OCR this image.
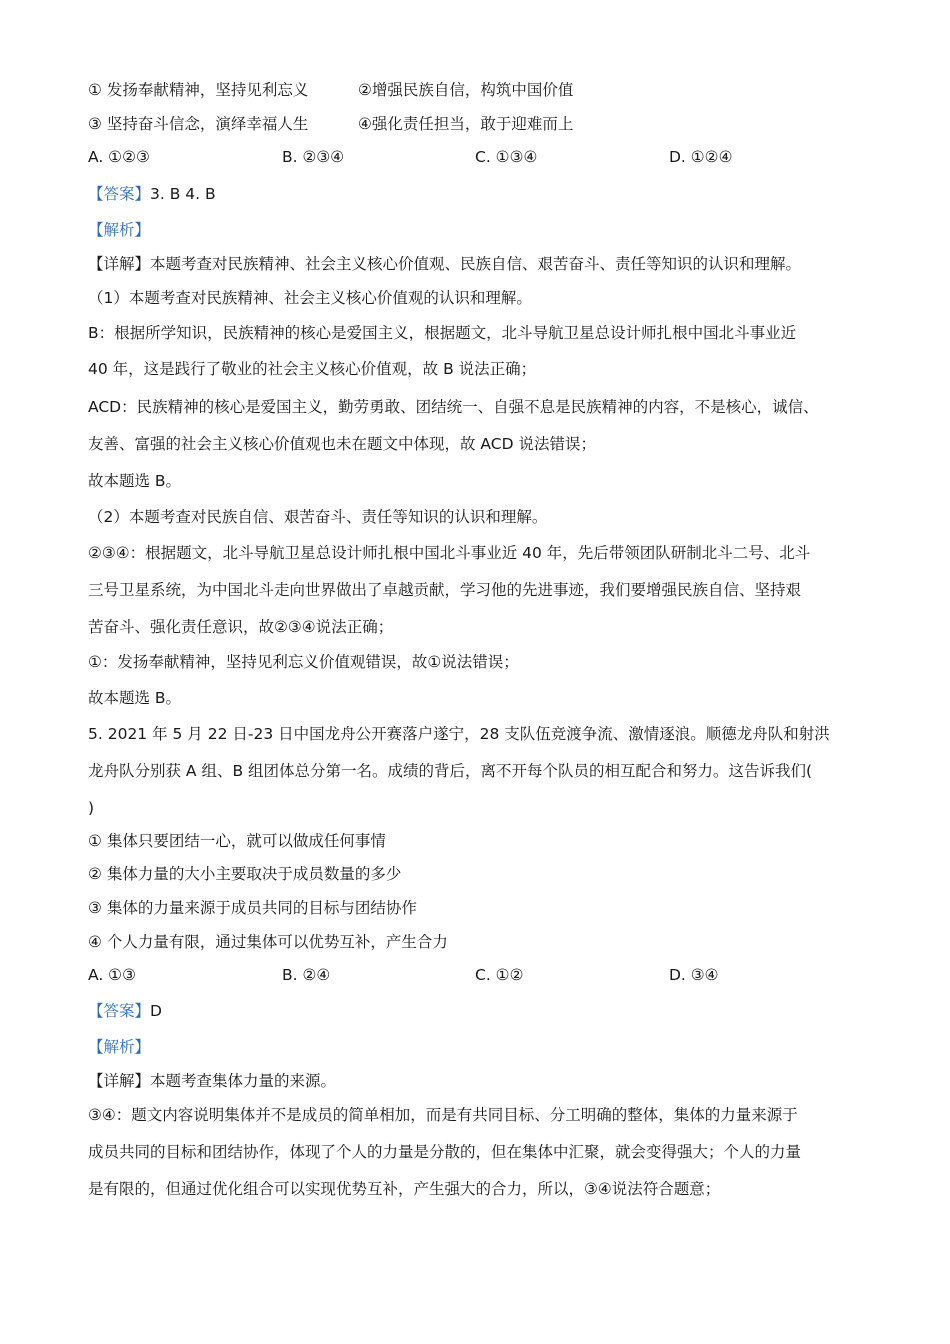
① 发扬奉献精神，坚持见利忘义	②增强民族自信，构筑中国价值
③ 坚持奋斗信念，演绎幸福人生	④强化责任担当，敢于迎难而上
A. ①②③	B. ②③④	C. ①③④	D. ①②④
【答案】3. B 4. B
【解析】
【详解】本题考查对民族精神、社会主义核心价值观、民族自信、艰苦奋斗、责任等知识的认识和理解。
（1）本题考查对民族精神、社会主义核心价值观的认识和理解。
B：根据所学知识，民族精神的核心是爱国主义，根据题文，北斗导航卫星总设计师扎根中国北斗事业近
40 年，这是践行了敬业的社会主义核心价值观，故 B 说法正确；
ACD：民族精神的核心是爱国主义，勤劳勇敢、团结统一、自强不息是民族精神的内容，不是核心，诚信、
友善、富强的社会主义核心价值观也未在题文中体现，故 ACD 说法错误；
故本题选 B。
（2）本题考查对民族自信、艰苦奋斗、责任等知识的认识和理解。
②③④：根据题文，北斗导航卫星总设计师扎根中国北斗事业近 40 年，先后带领团队研制北斗二号、北斗
三号卫星系统，为中国北斗走向世界做出了卓越贡献，学习他的先进事迹，我们要增强民族自信、坚持艰
苦奋斗、强化责任意识，故②③④说法正确；
①：发扬奉献精神，坚持见利忘义价值观错误，故①说法错误；
故本题选 B。
5. 2021 年 5 月 22 日-23 日中国龙舟公开赛落户遂宁，28 支队伍竞渡争流、激情逐浪。顺德龙舟队和射洪
龙舟队分别获 A 组、B 组团体总分第一名。成绩的背后，离不开每个队员的相互配合和努力。这告诉我们(
)
① 集体只要团结一心，就可以做成任何事情
② 集体力量的大小主要取决于成员数量的多少
③ 集体的力量来源于成员共同的目标与团结协作
④ 个人力量有限，通过集体可以优势互补，产生合力
A. ①③	B. ②④	C. ①②	D. ③④
【答案】D
【解析】
【详解】本题考查集体力量的来源。
③④：题文内容说明集体并不是成员的简单相加，而是有共同目标、分工明确的整体，集体的力量来源于
成员共同的目标和团结协作，体现了个人的力量是分散的，但在集体中汇聚，就会变得强大；个人的力量
是有限的，但通过优化组合可以实现优势互补，产生强大的合力，所以，③④说法符合题意；
